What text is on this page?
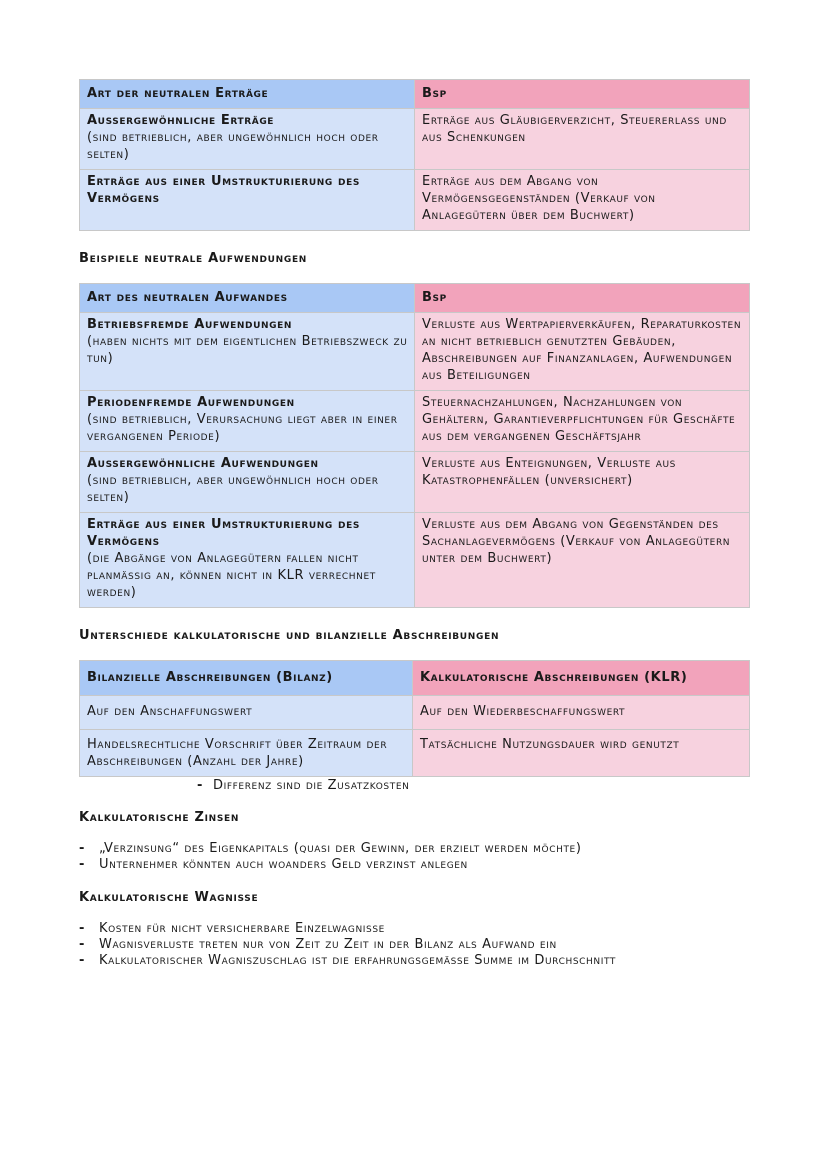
Art der neutralen Erträge	Bsp

Aussergewöhnliche Erträge
(sind betrieblich, aber ungewöhnlich hoch oder selten)	Erträge aus Gläubigerverzicht, Steuererlass und aus Schenkungen
Erträge aus einer Umstrukturierung des Vermögens	Erträge aus dem Abgang von Vermögensgegenständen (Verkauf von Anlagegütern über dem Buchwert)

Beispiele neutrale Aufwendungen

Art des neutralen Aufwandes	Bsp

Betriebsfremde Aufwendungen
(haben nichts mit dem eigentlichen Betriebszweck zu tun)	Verluste aus Wertpapierverkäufen, Reparaturkosten an nicht betrieblich genutzten Gebäuden, Abschreibungen auf Finanzanlagen, Aufwendungen aus Beteiligungen

Periodenfremde Aufwendungen
(sind betrieblich, Verursachung liegt aber in einer vergangenen Periode)	Steuernachzahlungen, Nachzahlungen von Gehältern, Garantieverpflichtungen für Geschäfte aus dem vergangenen Geschäftsjahr

Aussergewöhnliche Aufwendungen
(sind betrieblich, aber ungewöhnlich hoch oder selten)	Verluste aus Enteignungen, Verluste aus Katastrophenfällen (unversichert)

Erträge aus einer Umstrukturierung des Vermögens
(die Abgänge von Anlagegütern fallen nicht planmässig an, können nicht in KLR verrechnet werden)	Verluste aus dem Abgang von Gegenständen des Sachanlagevermögens (Verkauf von Anlagegütern unter dem Buchwert)

Unterschiede kalkulatorische und bilanzielle Abschreibungen

Bilanzielle Abschreibungen (Bilanz)	Kalkulatorische Abschreibungen (KLR)
Auf den Anschaffungswert	Auf den Wiederbeschaffungswert
Handelsrechtliche Vorschrift über Zeitraum der Abschreibungen (Anzahl der Jahre)	Tatsächliche Nutzungsdauer wird genutzt
- Differenz sind die Zusatzkosten

Kalkulatorische Zinsen

- „Verzinsung“ des Eigenkapitals (quasi der Gewinn, der erzielt werden möchte)
- Unternehmer könnten auch woanders Geld verzinst anlegen

Kalkulatorische Wagnisse

- Kosten für nicht versicherbare Einzelwagnisse
- Wagnisverluste treten nur von Zeit zu Zeit in der Bilanz als Aufwand ein
- Kalkulatorischer Wagniszuschlag ist die erfahrungsgemässe Summe im Durchschnitt
